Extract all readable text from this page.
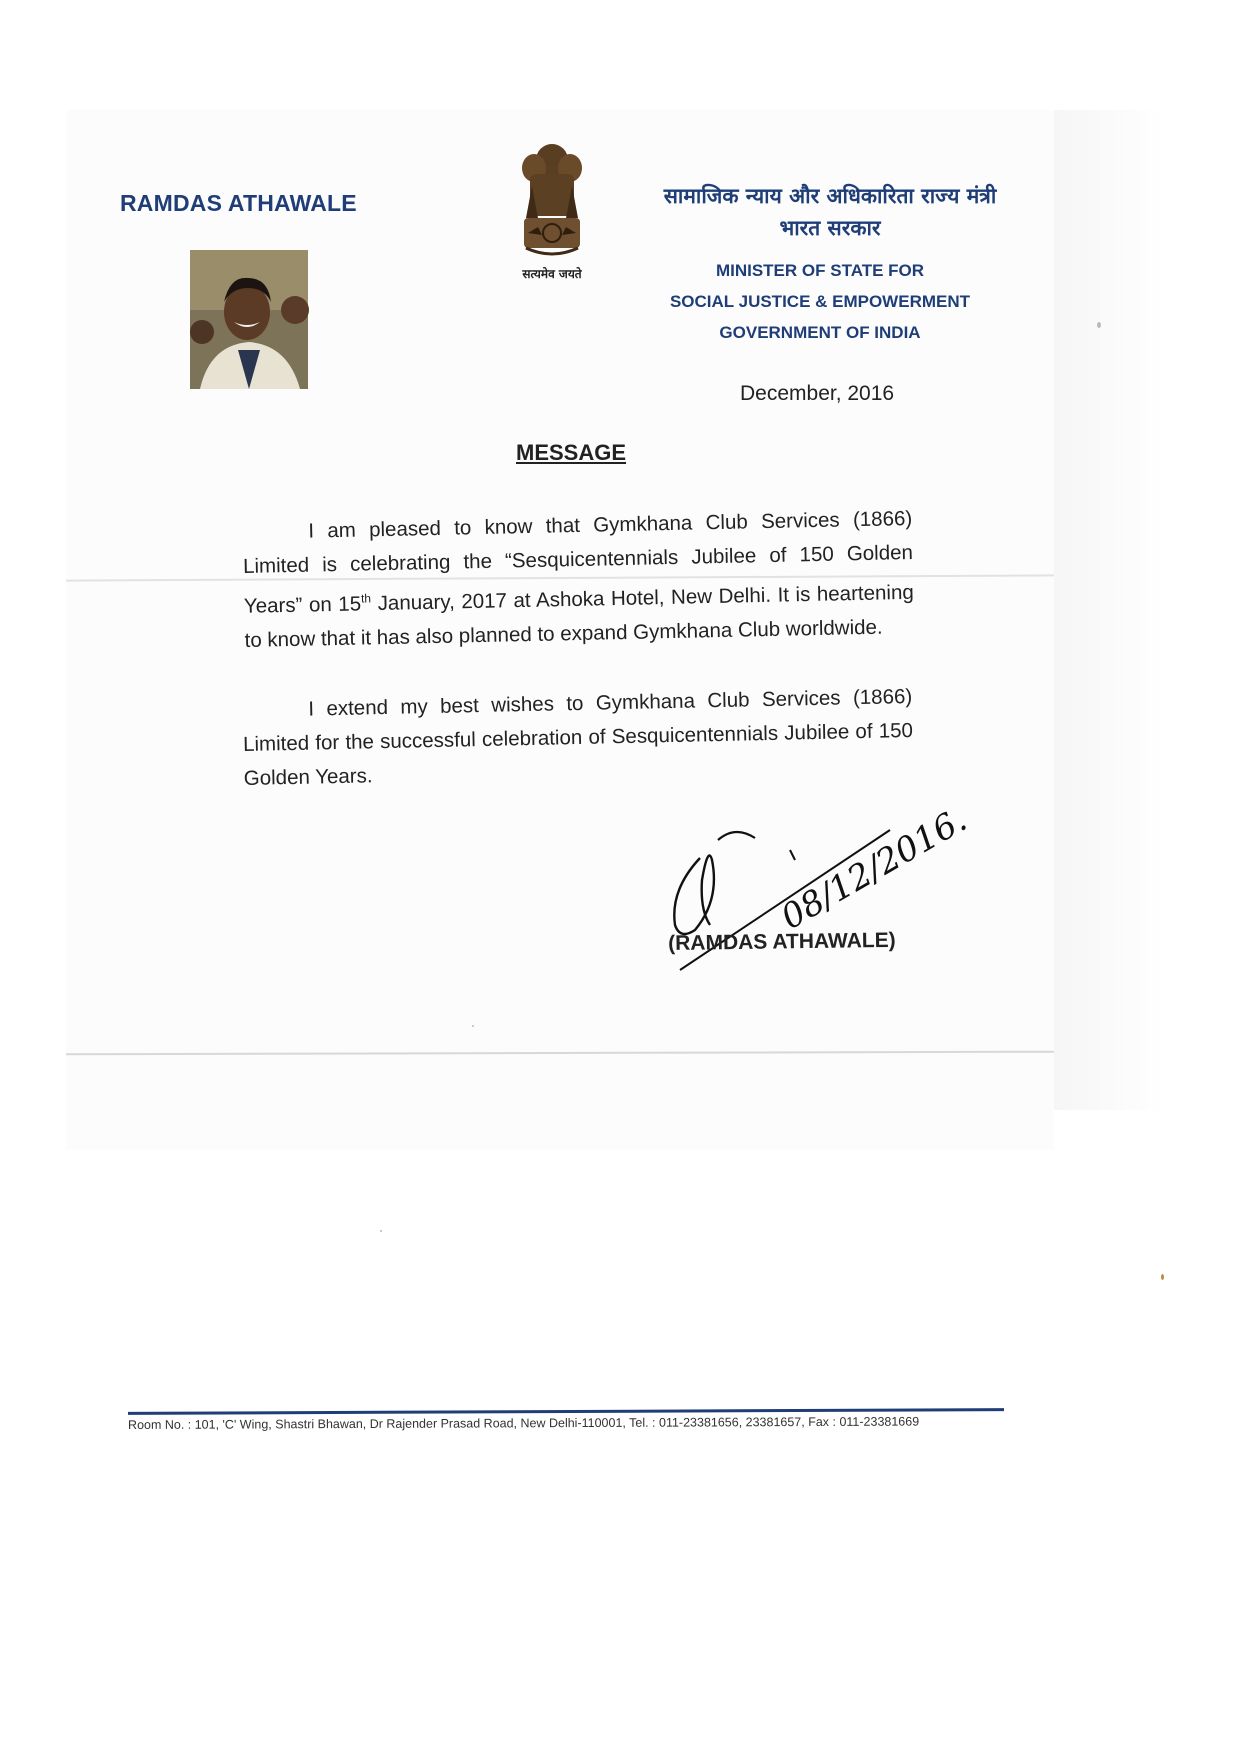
RAMDAS ATHAWALE
सत्यमेव जयते
सामाजिक न्याय और अधिकारिता राज्य मंत्री
भारत सरकार
MINISTER OF STATE FOR
SOCIAL JUSTICE & EMPOWERMENT
GOVERNMENT OF INDIA
December, 2016
MESSAGE
I am pleased to know that Gymkhana Club Services (1866) Limited is celebrating the “Sesquicentennials Jubilee of 150 Golden Years” on 15th January, 2017 at Ashoka Hotel, New Delhi. It is heartening to know that it has also planned to expand Gymkhana Club worldwide.
I extend my best wishes to Gymkhana Club Services (1866) Limited for the successful celebration of Sesquicentennials Jubilee of 150 Golden Years.
08/12/2016.
(RAMDAS ATHAWALE)
Room No. : 101, 'C' Wing, Shastri Bhawan, Dr Rajender Prasad Road, New Delhi-110001, Tel. : 011-23381656, 23381657, Fax : 011-23381669
